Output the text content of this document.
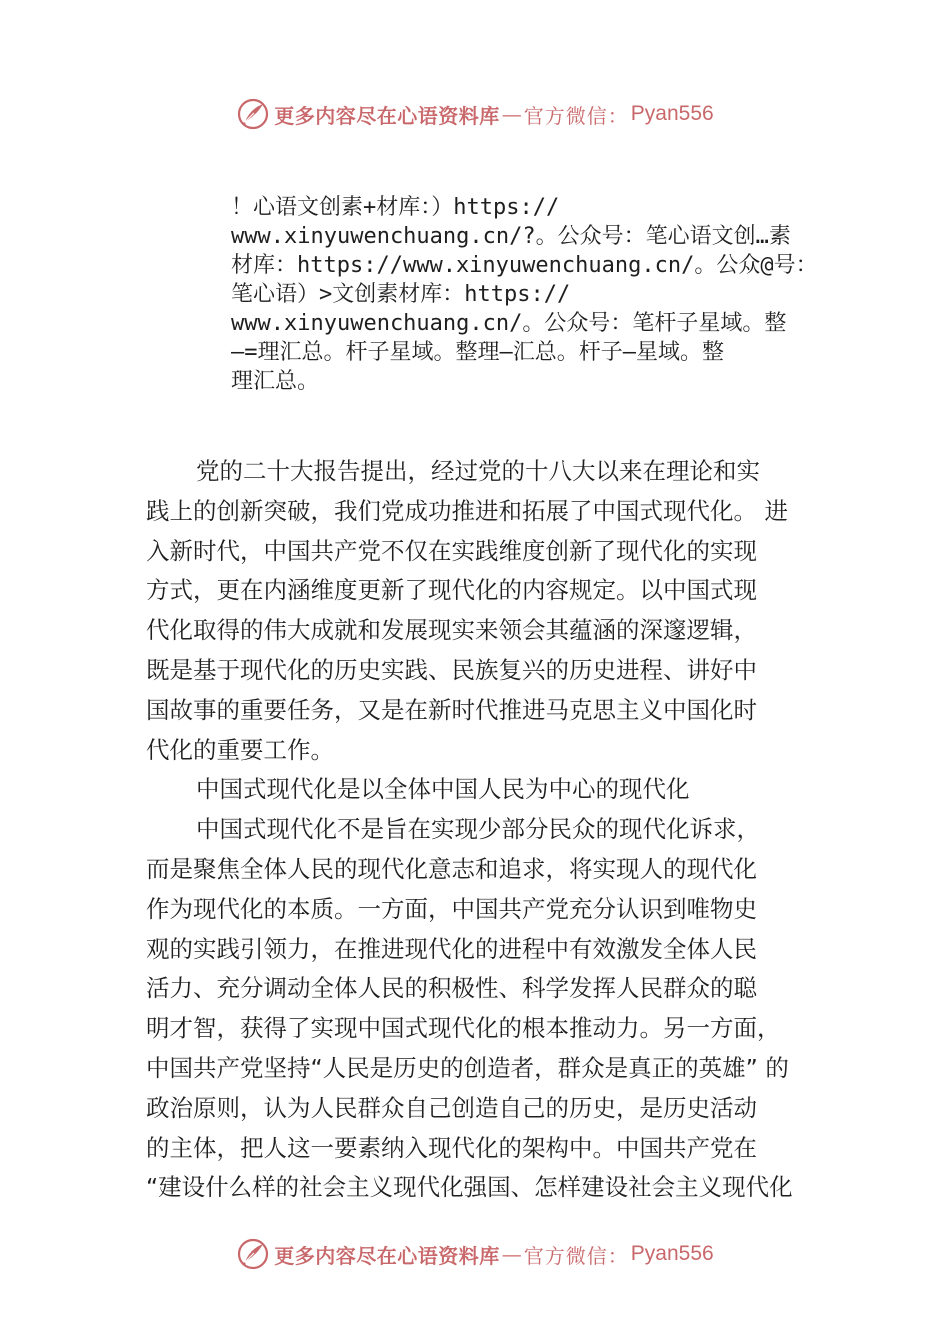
更多内容尽在心语资料库 — 官方微信： Pyan556
！心语文创素+材库：）https://
www.xinyuwenchuang.cn/?。公众号：笔心语文创…素
材库：https://www.xinyuwenchuang.cn/。公众@号：
笔心语）>文创素材库：https://
www.xinyuwenchuang.cn/。公众号：笔杆子星域。整
—=理汇总。杆子星域。整理—汇总。杆子—星域。整
理汇总。
党的二十大报告提出，经过党的十八大以来在理论和实
践上的创新突破，我们党成功推进和拓展了中国式现代化。 进
入新时代，中国共产党不仅在实践维度创新了现代化的实现
方式，更在内涵维度更新了现代化的内容规定。以中国式现
代化取得的伟大成就和发展现实来领会其蕴涵的深邃逻辑，
既是基于现代化的历史实践、民族复兴的历史进程、讲好中
国故事的重要任务，又是在新时代推进马克思主义中国化时
代化的重要工作。
中国式现代化是以全体中国人民为中心的现代化
中国式现代化不是旨在实现少部分民众的现代化诉求，
而是聚焦全体人民的现代化意志和追求，将实现人的现代化
作为现代化的本质。一方面，中国共产党充分认识到唯物史
观的实践引领力，在推进现代化的进程中有效激发全体人民
活力、充分调动全体人民的积极性、科学发挥人民群众的聪
明才智，获得了实现中国式现代化的根本推动力。另一方面，
中国共产党坚持“人民是历史的创造者，群众是真正的英雄” 的
政治原则，认为人民群众自己创造自己的历史，是历史活动
的主体，把人这一要素纳入现代化的架构中。中国共产党在
“建设什么样的社会主义现代化强国、怎样建设社会主义现代化
更多内容尽在心语资料库 — 官方微信： Pyan556
